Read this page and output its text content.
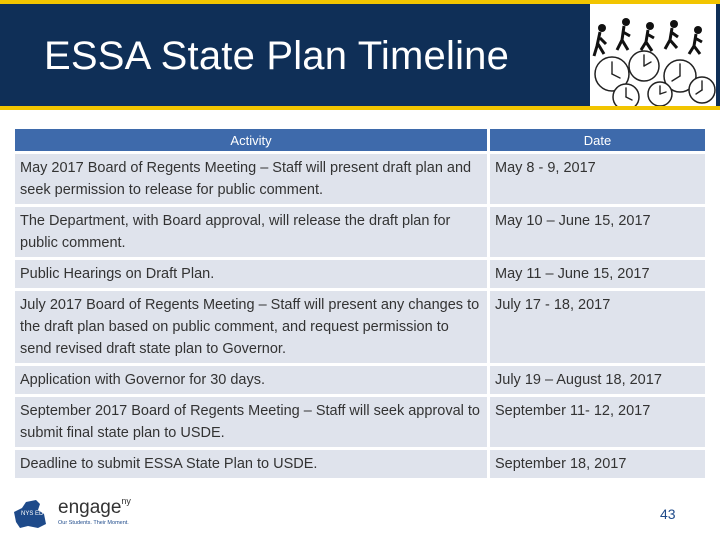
ESSA State Plan Timeline
Activity	Date
May 2017 Board of Regents Meeting – Staff will present draft plan and seek permission to release for public comment.	May 8 - 9, 2017
The Department, with Board approval, will release the draft plan for public comment.	May 10 – June 15, 2017
Public Hearings on Draft Plan.	May 11 – June 15, 2017
July 2017 Board of Regents Meeting – Staff will present any changes to the draft plan based on public comment, and request permission to send revised draft state plan to Governor.	July 17 - 18, 2017
Application with Governor for 30 days.	July 19 – August 18, 2017
September 2017 Board of Regents Meeting – Staff will seek approval to submit final state plan to USDE.	September 11- 12, 2017
Deadline to submit ESSA State Plan to USDE.	September 18, 2017
NYS ED engage$^{ny}$
Our Students. Their Moment.
43
